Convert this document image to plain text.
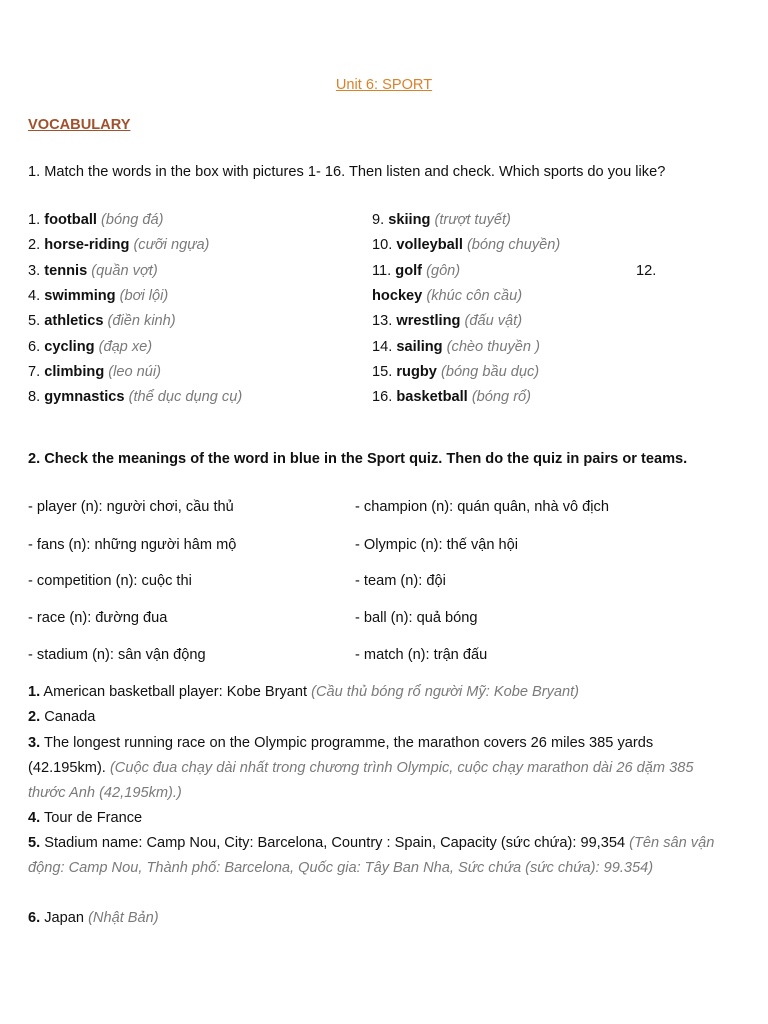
Unit 6: SPORT
VOCABULARY
1. Match the words in the box with pictures 1- 16. Then listen and check. Which sports do you like?
1. football (bóng đá)
2. horse-riding (cưỡi ngựa)
3. tennis (quần vợt)
4. swimming (bơi lội)
5. athletics (điền kinh)
6. cycling (đạp xe)
7. climbing (leo núi)
8. gymnastics (thể dục dụng cụ)
9. skiing (trượt tuyết)
10. volleyball (bóng chuyền)
11. golf (gôn)
hockey (khúc côn cầu)
13. wrestling (đấu vật)
14. sailing (chèo thuyền )
15. rugby (bóng bầu dục)
16. basketball (bóng rổ)
12.
2. Check the meanings of the word in blue in the Sport quiz. Then do the quiz in pairs or teams.
- player (n): người chơi, cầu thủ	- champion (n): quán quân, nhà vô địch
- fans (n): những người hâm mộ	- Olympic (n): thế vận hội
- competition (n): cuộc thi	- team (n): đội
- race (n): đường đua	- ball (n): quả bóng
- stadium (n): sân vận động	- match (n): trận đấu
1. American basketball player: Kobe Bryant (Cầu thủ bóng rổ người Mỹ: Kobe Bryant)
2. Canada
3. The longest running race on the Olympic programme, the marathon covers 26 miles 385 yards (42.195km). (Cuộc đua chạy dài nhất trong chương trình Olympic, cuộc chạy marathon dài 26 dặm 385 thước Anh (42,195km).)
4. Tour de France
5. Stadium name: Camp Nou, City: Barcelona, Country : Spain, Capacity (sức chứa): 99,354 (Tên sân vận động: Camp Nou, Thành phố: Barcelona, Quốc gia: Tây Ban Nha, Sức chứa (sức chứa): 99.354)
6. Japan (Nhật Bản)
